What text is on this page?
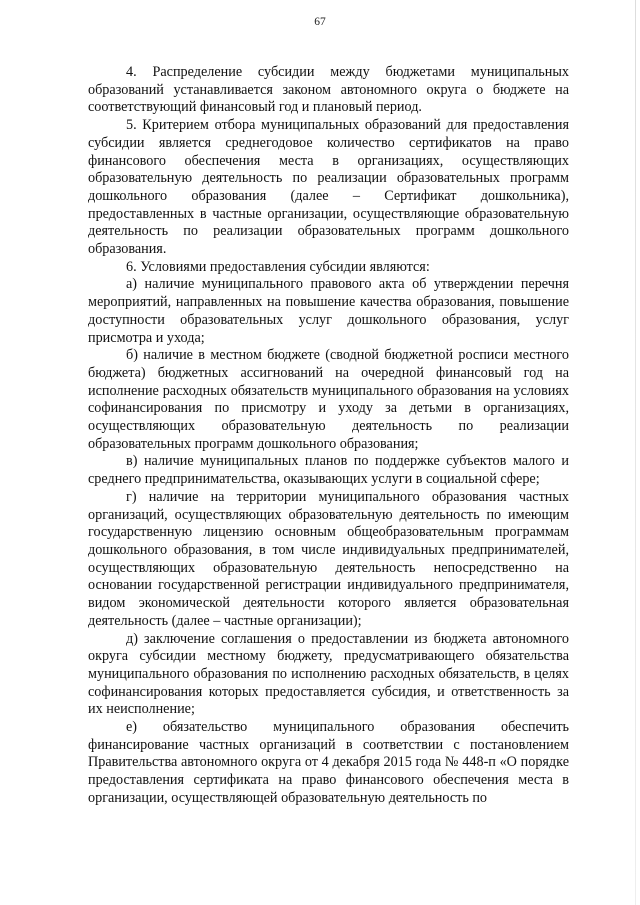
67

4. Распределение субсидии между бюджетами муниципальных образований устанавливается законом автономного округа о бюджете на соответствующий финансовый год и плановый период.

5. Критерием отбора муниципальных образований для предоставления субсидии является среднегодовое количество сертификатов на право финансового обеспечения места в организациях, осуществляющих образовательную деятельность по реализации образовательных программ дошкольного образования (далее – Сертификат дошкольника), предоставленных в частные организации, осуществляющие образовательную деятельность по реализации образовательных программ дошкольного образования.

6. Условиями предоставления субсидии являются:

а) наличие муниципального правового акта об утверждении перечня мероприятий, направленных на повышение качества образования, повышение доступности образовательных услуг дошкольного образования, услуг присмотра и ухода;

б) наличие в местном бюджете (сводной бюджетной росписи местного бюджета) бюджетных ассигнований на очередной финансовый год на исполнение расходных обязательств муниципального образования на условиях софинансирования по присмотру и уходу за детьми в организациях, осуществляющих образовательную деятельность по реализации образовательных программ дошкольного образования;

в) наличие муниципальных планов по поддержке субъектов малого и среднего предпринимательства, оказывающих услуги в социальной сфере;

г) наличие на территории муниципального образования частных организаций, осуществляющих образовательную деятельность по имеющим государственную лицензию основным общеобразовательным программам дошкольного образования, в том числе индивидуальных предпринимателей, осуществляющих образовательную деятельность непосредственно на основании государственной регистрации индивидуального предпринимателя, видом экономической деятельности которого является образовательная деятельность (далее – частные организации);

д) заключение соглашения о предоставлении из бюджета автономного округа субсидии местному бюджету, предусматривающего обязательства муниципального образования по исполнению расходных обязательств, в целях софинансирования которых предоставляется субсидия, и ответственность за их неисполнение;

е) обязательство муниципального образования обеспечить финансирование частных организаций в соответствии с постановлением Правительства автономного округа от 4 декабря 2015 года № 448-п «О порядке предоставления сертификата на право финансового обеспечения места в организации, осуществляющей образовательную деятельность по
